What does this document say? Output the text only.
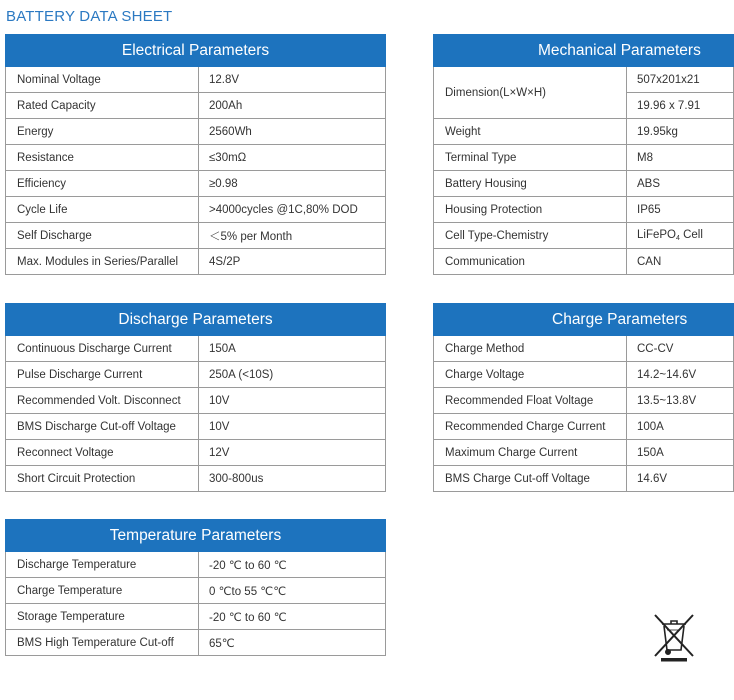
BATTERY DATA SHEET
Electrical Parameters	
Nominal Voltage	12.8V
Rated Capacity	200Ah
Energy	2560Wh
Resistance	≤30mΩ
Efficiency	≥0.98
Cycle Life	>4000cycles @1C,80% DOD
Self Discharge	＜5% per Month
Max. Modules in Series/Parallel	4S/2P
Mechanical Parameters	
Dimension(L×W×H)	507x201x21
	19.96 x 7.91
Weight	19.95kg
Terminal Type	M8
Battery Housing	ABS
Housing Protection	IP65
Cell Type-Chemistry	LiFePO$_4$ Cell
Communication	CAN
Discharge Parameters	
Continuous Discharge Current	150A
Pulse Discharge Current	250A (<10S)
Recommended Volt. Disconnect	10V
BMS Discharge Cut-off Voltage	10V
Reconnect Voltage	12V
Short Circuit Protection	300-800us
Charge Parameters	
Charge Method	CC-CV
Charge Voltage	14.2~14.6V
Recommended Float Voltage	13.5~13.8V
Recommended Charge Current	100A
Maximum Charge Current	150A
BMS Charge Cut-off Voltage	14.6V
Temperature Parameters	
Discharge Temperature	-20 ℃ to 60 ℃
Charge Temperature	0 ℃to 55 ℃℃
Storage Temperature	-20 ℃ to 60 ℃
BMS High Temperature Cut-off	65℃
